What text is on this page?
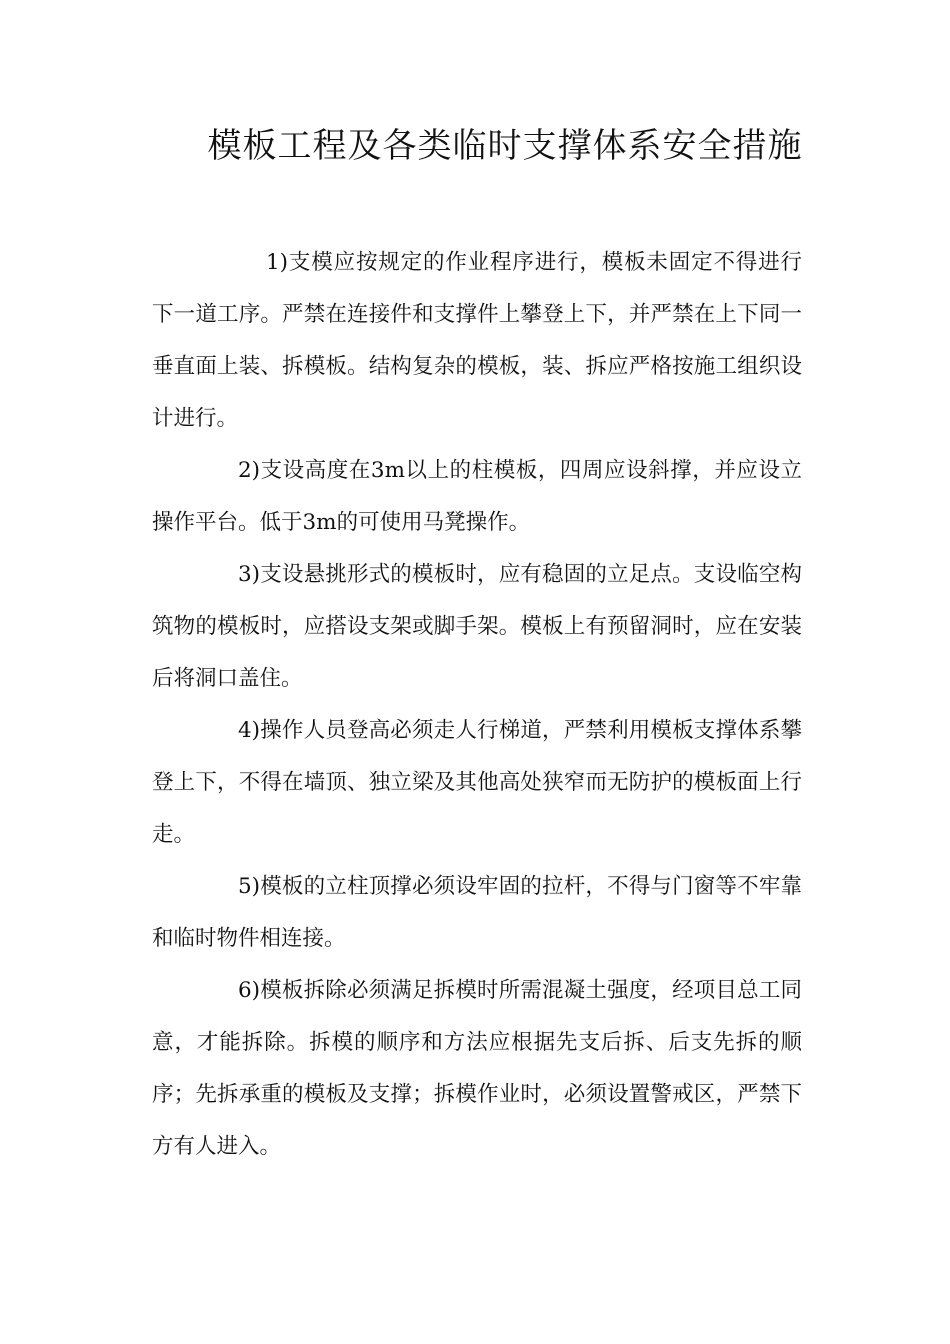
模板工程及各类临时支撑体系安全措施

1)支模应按规定的作业程序进行，模板未固定不得进行下一道工序。严禁在连接件和支撑件上攀登上下，并严禁在上下同一垂直面上装、拆模板。结构复杂的模板，装、拆应严格按施工组织设计进行。

2)支设高度在3m以上的柱模板，四周应设斜撑，并应设立操作平台。低于3m的可使用马凳操作。

3)支设悬挑形式的模板时，应有稳固的立足点。支设临空构筑物的模板时，应搭设支架或脚手架。模板上有预留洞时，应在安装后将洞口盖住。

4)操作人员登高必须走人行梯道，严禁利用模板支撑体系攀登上下，不得在墙顶、独立梁及其他高处狭窄而无防护的模板面上行走。

5)模板的立柱顶撑必须设牢固的拉杆，不得与门窗等不牢靠和临时物件相连接。

6)模板拆除必须满足拆模时所需混凝土强度，经项目总工同意，才能拆除。拆模的顺序和方法应根据先支后拆、后支先拆的顺序；先拆承重的模板及支撑；拆模作业时，必须设置警戒区，严禁下方有人进入。
